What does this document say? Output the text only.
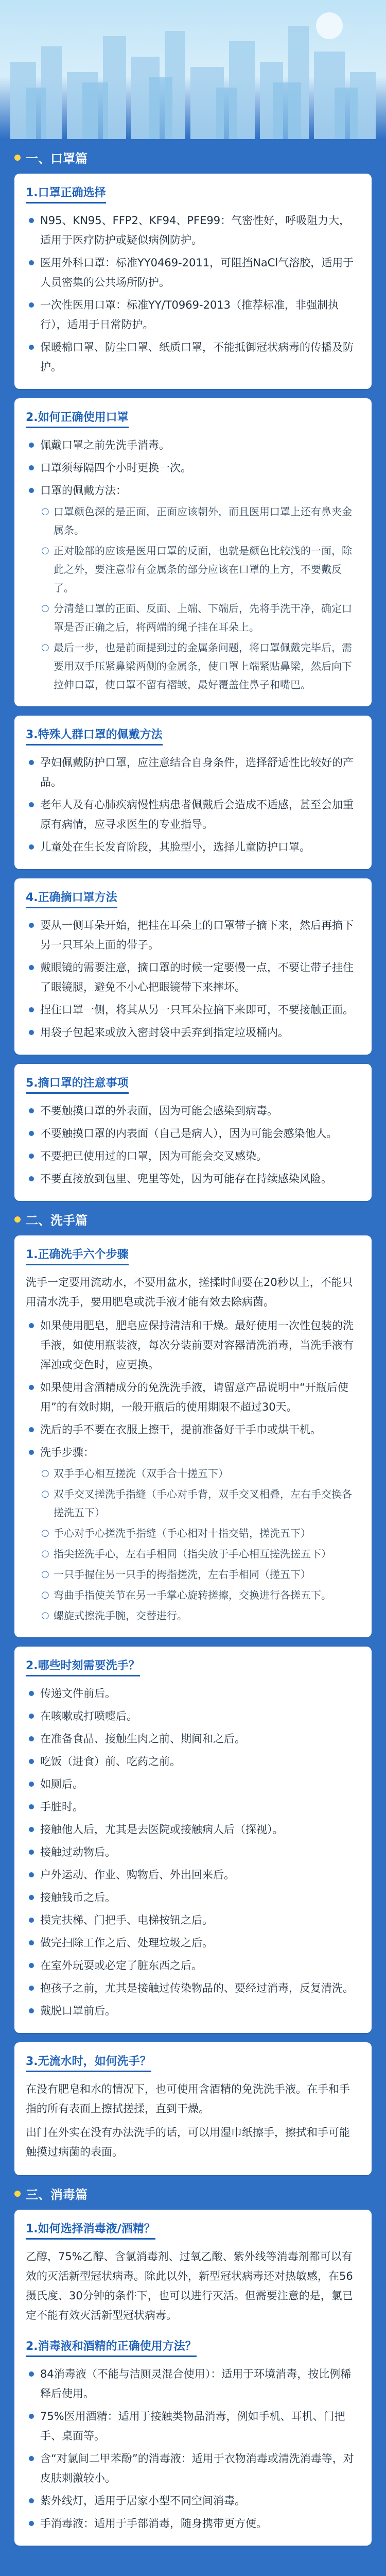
一、口罩篇
1.口罩正确选择
N95、KN95、FFP2、KF94、PFE99：气密性好，呼吸阻力大，适用于医疗防护或疑似病例防护。
医用外科口罩：标准YY0469-2011，可阻挡NaCl气溶胶，适用于人员密集的公共场所防护。
一次性医用口罩：标准YY/T0969-2013（推荐标准，非强制执行），适用于日常防护。
保暖棉口罩、防尘口罩、纸质口罩，不能抵御冠状病毒的传播及防护。
2.如何正确使用口罩
佩戴口罩之前先洗手消毒。
口罩须每隔四个小时更换一次。
口罩的佩戴方法：
○ 口罩颜色深的是正面，正面应该朝外，而且医用口罩上还有鼻夹金属条。
○ 正对脸部的应该是医用口罩的反面，也就是颜色比较浅的一面，除此之外，要注意带有金属条的部分应该在口罩的上方，不要戴反了。
○ 分清楚口罩的正面、反面、上端、下端后，先将手洗干净，确定口罩是否正确之后，将两端的绳子挂在耳朵上。
○ 最后一步，也是前面提到过的金属条问题，将口罩佩戴完毕后，需要用双手压紧鼻梁两侧的金属条，使口罩上端紧贴鼻梁，然后向下拉伸口罩，使口罩不留有褶皱，最好覆盖住鼻子和嘴巴。
3.特殊人群口罩的佩戴方法
孕妇佩戴防护口罩，应注意结合自身条件，选择舒适性比较好的产品。
老年人及有心肺疾病慢性病患者佩戴后会造成不适感，甚至会加重原有病情，应寻求医生的专业指导。
儿童处在生长发育阶段，其脸型小，选择儿童防护口罩。
4.正确摘口罩方法
要从一侧耳朵开始，把挂在耳朵上的口罩带子摘下来，然后再摘下另一只耳朵上面的带子。
戴眼镜的需要注意，摘口罩的时候一定要慢一点，不要让带子挂住了眼镜腿，避免不小心把眼镜带下来摔坏。
捏住口罩一侧，将其从另一只耳朵拉摘下来即可，不要接触正面。
用袋子包起来或放入密封袋中丢弃到指定垃圾桶内。
5.摘口罩的注意事项
不要触摸口罩的外表面，因为可能会感染到病毒。
不要触摸口罩的内表面（自己是病人），因为可能会感染他人。
不要把已使用过的口罩，因为可能会交叉感染。
不要直接放到包里、兜里等处，因为可能存在持续感染风险。
二、洗手篇
1.正确洗手六个步骤

洗手一定要用流动水，不要用盆水，搓揉时间要在20秒以上，不能只用清水洗手，要用肥皂或洗手液才能有效去除病菌。

如果使用肥皂，肥皂应保持清洁和干燥。最好使用一次性包装的洗手液，如使用瓶装液，每次分装前要对容器清洗消毒，当洗手液有浑浊或变色时，应更换。
如果使用含酒精成分的免洗洗手液，请留意产品说明中“开瓶后使用”的有效时期，一般开瓶后的使用期限不超过30天。
洗后的手不要在衣服上擦干，提前准备好干手巾或烘干机。
洗手步骤：
○ 双手手心相互搓洗（双手合十搓五下）
○ 双手交叉搓洗手指缝（手心对手背，双手交叉相叠，左右手交换各搓洗五下）
○ 手心对手心搓洗手指缝（手心相对十指交错，搓洗五下）
○ 指尖搓洗手心，左右手相同（指尖放于手心相互搓洗搓五下）
○ 一只手握住另一只手的拇指搓洗，左右手相同（搓五下）
○ 弯曲手指使关节在另一手掌心旋转搓擦，交换进行各搓五下。
○ 螺旋式擦洗手腕，交替进行。
2.哪些时刻需要洗手？
传递文件前后。
在咳嗽或打喷嚏后。
在准备食品、接触生肉之前、期间和之后。
吃饭（进食）前、吃药之前。
如厕后。
手脏时。
接触他人后，尤其是去医院或接触病人后（探视）。
接触过动物后。
户外运动、作业、购物后、外出回来后。
接触钱币之后。
摸完扶梯、门把手、电梯按钮之后。
做完扫除工作之后、处理垃圾之后。
在室外玩耍或必定了脏东西之后。
抱孩子之前，尤其是接触过传染物品的、要经过消毒，反复清洗。
戴脱口罩前后。
3.无流水时，如何洗手？

在没有肥皂和水的情况下，也可使用含酒精的免洗洗手液。在手和手指的所有表面上擦拭搓揉，直到干燥。

出门在外实在没有办法洗手的话，可以用湿巾纸擦手，擦拭和手可能触摸过病菌的表面。

三、消毒篇
1.如何选择消毒液/酒精？

乙醇，75%乙醇、含氯消毒剂、过氧乙酸、紫外线等消毒剂都可以有效的灭活新型冠状病毒。除此以外，新型冠状病毒还对热敏感，在56摄氏度、30分钟的条件下，也可以进行灭活。但需要注意的是，氯已定不能有效灭活新型冠状病毒。

2.消毒液和酒精的正确使用方法？
84消毒液（不能与洁厕灵混合使用）：适用于环境消毒，按比例稀释后使用。
75%医用酒精：适用于接触类物品消毒，例如手机、耳机、门把手、桌面等。
含“对氯间二甲苯酚”的消毒液：适用于衣物消毒或清洗消毒等，对皮肤刺激较小。
紫外线灯，适用于居家小型不同空间消毒。
手消毒液：适用于手部消毒，随身携带更方便。
